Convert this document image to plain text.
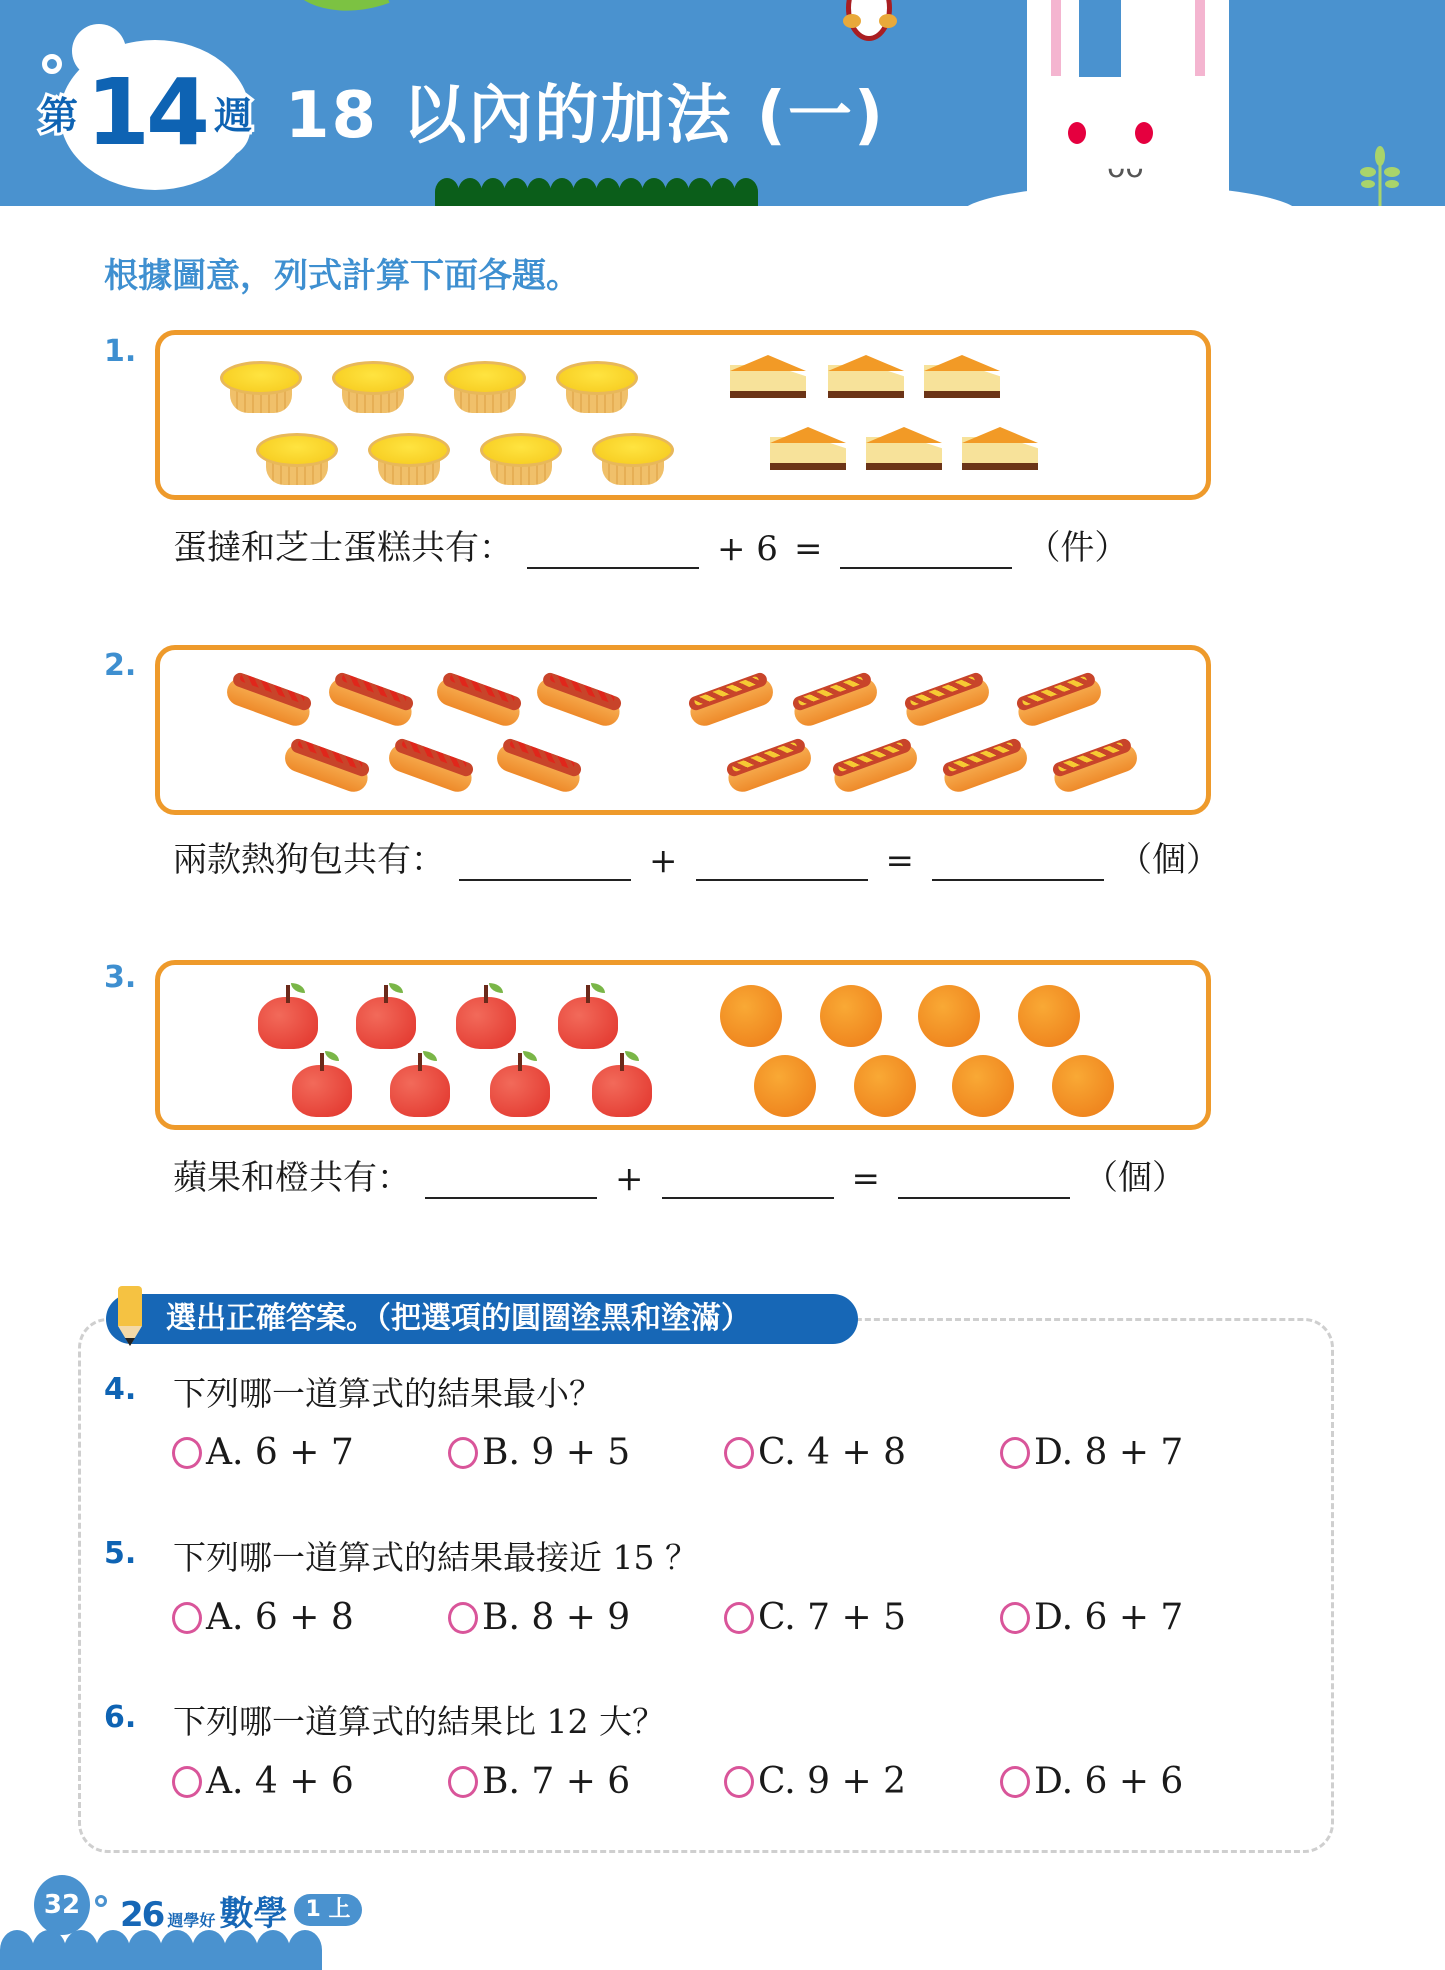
第 14 週 18 以內的加法 (一)
ᴗᴗ
根據圖意，列式計算下面各題。
1.
蛋撻和芝士蛋糕共有：	+ 6 =	（件）
2.
兩款熱狗包共有：	+	=	（個）
3.
蘋果和橙共有：	+	=	（個）
選出正確答案。（把選項的圓圈塗黑和塗滿）
4. 下列哪一道算式的結果最小？
A. 6 + 7	B. 9 + 5	C. 4 + 8	D. 8 + 7
5. 下列哪一道算式的結果最接近 15 ？
A. 6 + 8	B. 8 + 9	C. 7 + 5	D. 6 + 7
6. 下列哪一道算式的結果比 12 大？
A. 4 + 6	B. 7 + 6	C. 9 + 2	D. 6 + 6
32 26 週學好 數學 1 上
